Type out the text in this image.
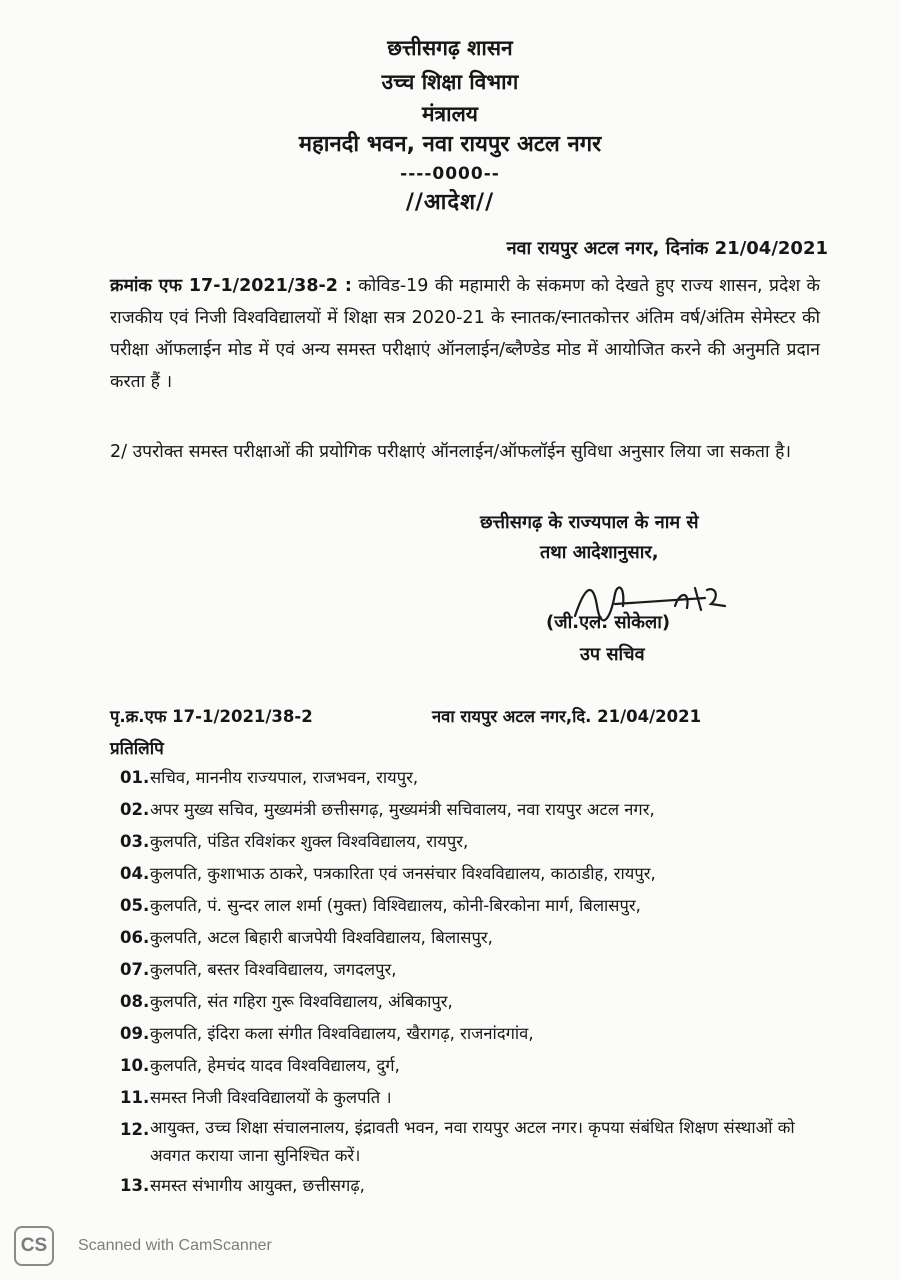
छत्तीसगढ़ शासन
उच्च शिक्षा विभाग
मंत्रालय
महानदी भवन, नवा रायपुर अटल नगर
----0000--
//आदेश//
नवा रायपुर अटल नगर, दिनांक 21/04/2021
क्रमांक एफ 17-1/2021/38-2 : कोविड-19 की महामारी के संकमण को देखते हुए राज्य शासन, प्रदेश के राजकीय एवं निजी विश्वविद्यालयों में शिक्षा सत्र 2020-21 के स्नातक/स्नातकोत्तर अंतिम वर्ष/अंतिम सेमेस्टर की परीक्षा ऑफलाईन मोड में एवं अन्य समस्त परीक्षाएं ऑनलाईन/ब्लैण्डेड मोड में आयोजित करने की अनुमति प्रदान करता हैं ।
2/ उपरोक्त समस्त परीक्षाओं की प्रयोगिक परीक्षाएं ऑनलाईन/ऑफलॉईन सुविधा अनुसार लिया जा सकता है।
छत्तीसगढ़ के राज्यपाल के नाम से
तथा आदेशानुसार,
(जी.एल. सोकेला)
उप सचिव
पृ.क्र.एफ 17-1/2021/38-2	नवा रायपुर अटल नगर,दि. 21/04/2021
प्रतिलिपि
01. सचिव, माननीय राज्यपाल, राजभवन, रायपुर,
02. अपर मुख्य सचिव, मुख्यमंत्री छत्तीसगढ़, मुख्यमंत्री सचिवालय, नवा रायपुर अटल नगर,
03. कुलपति, पंडित रविशंकर शुक्ल विश्वविद्यालय, रायपुर,
04. कुलपति, कुशाभाऊ ठाकरे, पत्रकारिता एवं जनसंचार विश्वविद्यालय, काठाडीह, रायपुर,
05. कुलपति, पं. सुन्दर लाल शर्मा (मुक्त) विश्विद्यालय, कोनी-बिरकोना मार्ग, बिलासपुर,
06. कुलपति, अटल बिहारी बाजपेयी विश्वविद्यालय, बिलासपुर,
07. कुलपति, बस्तर विश्वविद्यालय, जगदलपुर,
08. कुलपति, संत गहिरा गुरू विश्वविद्यालय, अंबिकापुर,
09. कुलपति, इंदिरा कला संगीत विश्वविद्यालय, खैरागढ़, राजनांदगांव,
10. कुलपति, हेमचंद यादव विश्वविद्यालय, दुर्ग,
11. समस्त निजी विश्वविद्यालयों के कुलपति ।
12. आयुक्त, उच्च शिक्षा संचालनालय, इंद्रावती भवन, नवा रायपुर अटल नगर। कृपया संबंधित शिक्षण संस्थाओं को अवगत कराया जाना सुनिश्चित करें।
13. समस्त संभागीय आयुक्त, छत्तीसगढ़,
CS	Scanned with CamScanner
